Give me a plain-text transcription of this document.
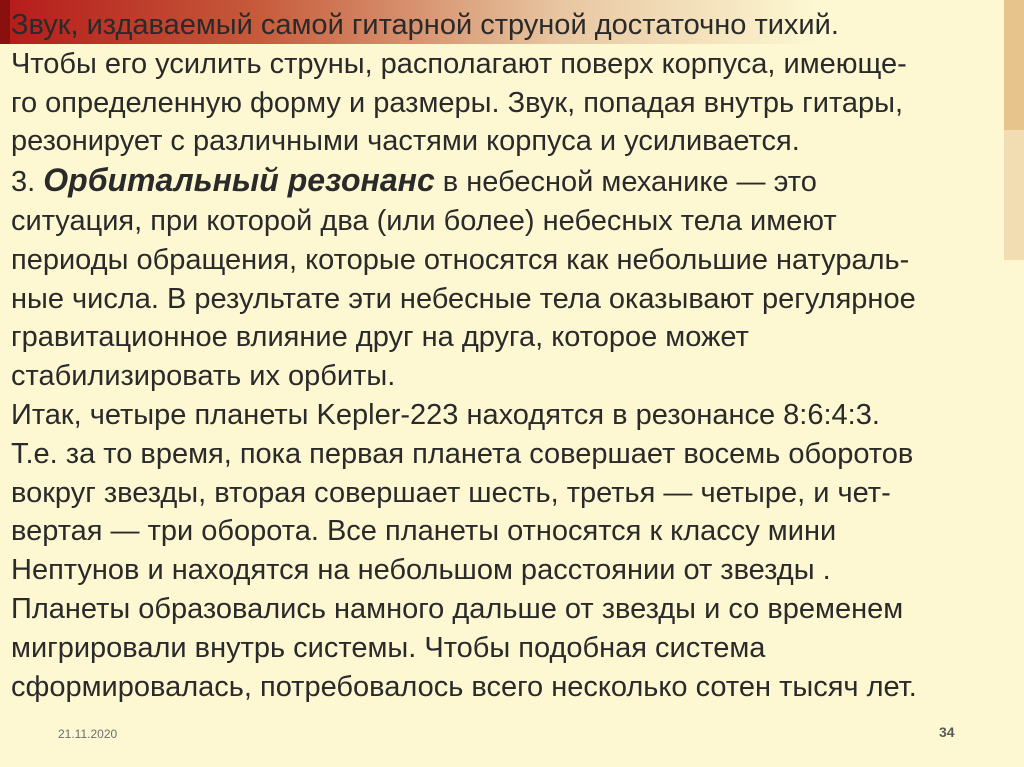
Звук, издаваемый самой гитарной струной достаточно тихий.

Чтобы его усилить струны, располагают поверх корпуса, имеюще-

го определенную форму и размеры. Звук, попадая внутрь гитары,

резонирует с различными частями корпуса и усиливается.

3. Орбитальный резонанс в небесной механике — это

ситуация, при которой два (или более) небесных тела имеют

периоды обращения, которые относятся как небольшие натураль-

ные числа. В результате эти небесные тела оказывают регулярное

гравитационное влияние друг на друга, которое может

стабилизировать их орбиты.

Итак, четыре планеты Kepler-223 находятся в резонансе 8:6:4:3.

Т.е. за то время, пока первая планета совершает восемь оборотов

вокруг звезды, вторая совершает шесть, третья — четыре, и чет-

вертая — три оборота. Все планеты относятся к классу мини

Нептунов и находятся на небольшом расстоянии от звезды .

Планеты образовались намного дальше от звезды и со временем

мигрировали внутрь системы. Чтобы подобная система

сформировалась, потребовалось всего несколько сотен тысяч лет.

21.11.2020	34
